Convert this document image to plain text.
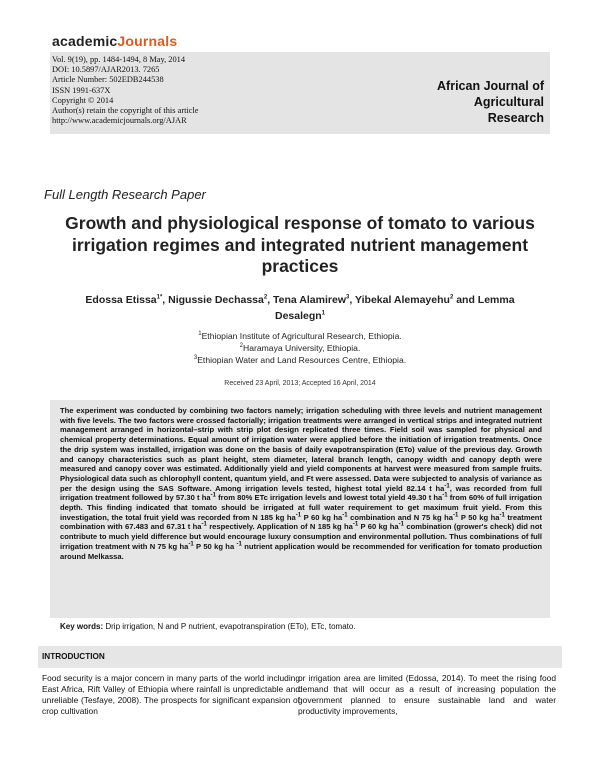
academicJournals
Vol. 9(19), pp. 1484-1494, 8 May, 2014
DOI: 10.5897/AJAR2013. 7265
Article Number: 502EDB244538
ISSN 1991-637X
Copyright © 2014
Author(s) retain the copyright of this article
http://www.academicjournals.org/AJAR
African Journal of Agricultural
Research
Full Length Research Paper
Growth and physiological response of tomato to various irrigation regimes and integrated nutrient management practices
Edossa Etissa$^{1*}$, Nigussie Dechassa$^2$, Tena Alamirew$^3$, Yibekal Alemayehu$^2$ and Lemma Desalegn$^1$
$^1$Ethiopian Institute of Agricultural Research, Ethiopia.
$^2$Haramaya University, Ethiopia.
$^3$Ethiopian Water and Land Resources Centre, Ethiopia.
Received 23 April, 2013; Accepted 16 April, 2014
The experiment was conducted by combining two factors namely; irrigation scheduling with three levels and nutrient management with five levels. The two factors were crossed factorially; irrigation treatments were arranged in vertical strips and integrated nutrient management arranged in horizontal–strip with strip plot design replicated three times. Field soil was sampled for physical and chemical property determinations. Equal amount of irrigation water were applied before the initiation of irrigation treatments. Once the drip system was installed, irrigation was done on the basis of daily evapotranspiration (ETo) value of the previous day. Growth and canopy characteristics such as plant height, stem diameter, lateral branch length, canopy width and canopy depth were measured and canopy cover was estimated. Additionally yield and yield components at harvest were measured from sample fruits. Physiological data such as chlorophyll content, quantum yield, and Ft were assessed. Data were subjected to analysis of variance as per the design using the SAS Software. Among irrigation levels tested, highest total yield 82.14 t $ha^{-1}$, was recorded from full irrigation treatment followed by 57.30 t $ha^{-1}$ from 80% ETc irrigation levels and lowest total yield 49.30 t $ha^{-1}$ from 60% of full irrigation depth. This finding indicated that tomato should be irrigated at full water requirement to get maximum fruit yield. From this investigation, the total fruit yield was recorded from N 185 kg $ha^{-1}$ P 60 kg $ha^{-1}$ combination and N 75 kg $ha^{-1}$ P 50 kg $ha^{-1}$ treatment combination with 67.483 and 67.31 t $ha^{-1}$ respectively. Application of N 185 kg $ha^{-1}$ P 60 kg $ha^{-1}$ combination (grower's check) did not contribute to much yield difference but would encourage luxury consumption and environmental pollution. Thus combinations of full irrigation treatment with N 75 kg $ha^{-1}$ P 50 kg ha $^{-1}$ nutrient application would be recommended for verification for tomato production around Melkassa.
Key words: Drip irrigation, N and P nutrient, evapotranspiration (ETo), ETc, tomato.
INTRODUCTION
Food security is a major concern in many parts of the world including East Africa, Rift Valley of Ethiopia where rainfall is unpredictable and unreliable (Tesfaye, 2008). The prospects for significant expansion of crop cultivation
or irrigation area are limited (Edossa, 2014). To meet the rising food demand that will occur as a result of increasing population the government planned to ensure sustainable land and water productivity improvements,
